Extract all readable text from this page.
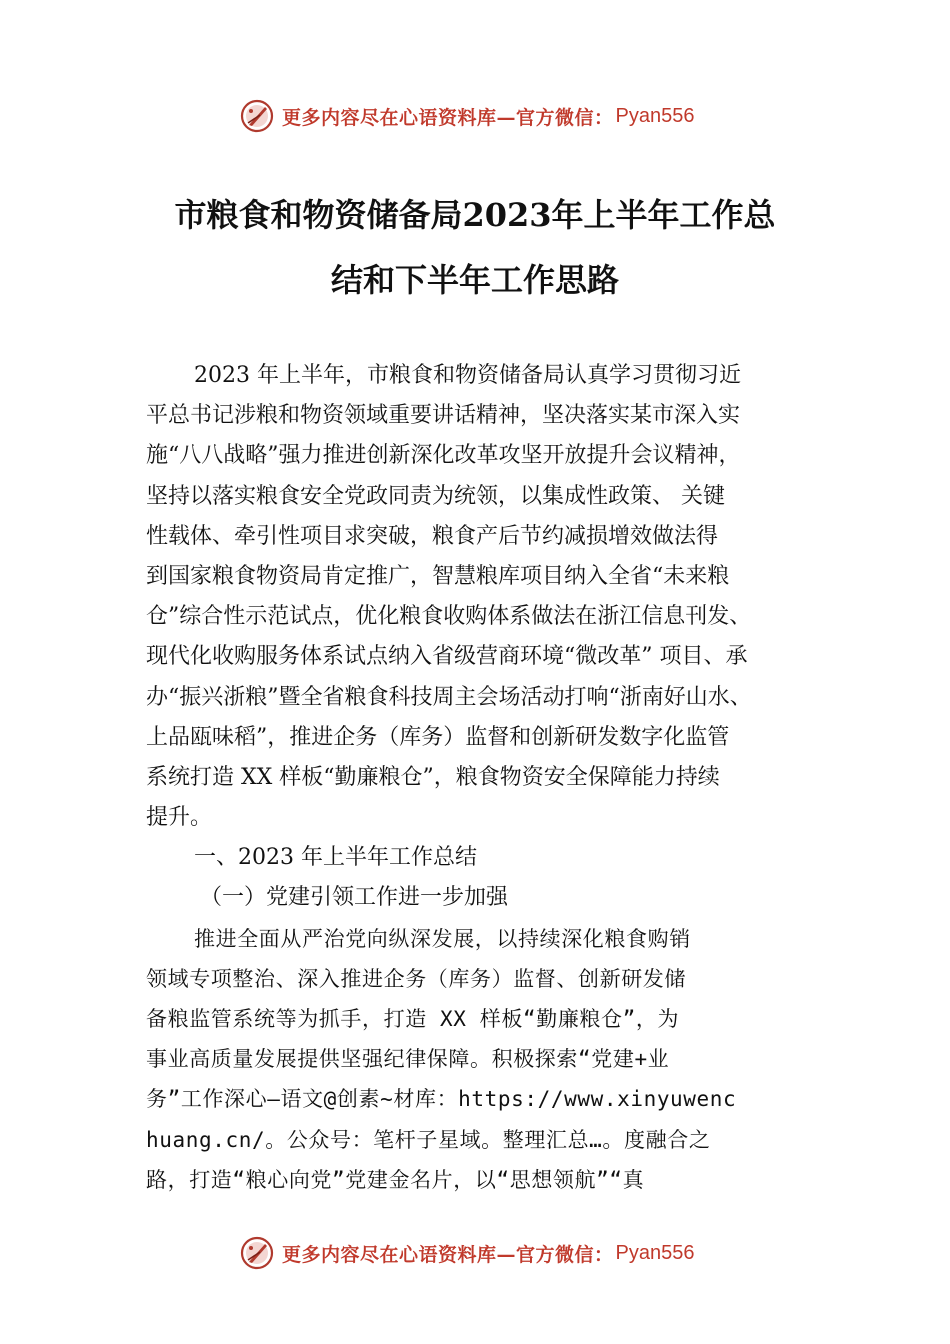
更多内容尽在心语资料库—官方微信： Pyan556
市粮食和物资储备局2023年上半年工作总
结和下半年工作思路
2023 年上半年，市粮食和物资储备局认真学习贯彻习近
平总书记涉粮和物资领域重要讲话精神，坚决落实某市深入实
施“八八战略”强力推进创新深化改革攻坚开放提升会议精神，
坚持以落实粮食安全党政同责为统领，以集成性政策、 关键
性载体、牵引性项目求突破，粮食产后节约减损增效做法得
到国家粮食物资局肯定推广，智慧粮库项目纳入全省“未来粮
仓”综合性示范试点，优化粮食收购体系做法在浙江信息刊发、
现代化收购服务体系试点纳入省级营商环境“微改革” 项目、承
办“振兴浙粮”暨全省粮食科技周主会场活动打响“浙南好山水、
上品瓯味稻”，推进企务（库务）监督和创新研发数字化监管
系统打造 XX 样板“勤廉粮仓”，粮食物资安全保障能力持续
提升。
一、2023 年上半年工作总结
（一）党建引领工作进一步加强
推进全面从严治党向纵深发展，以持续深化粮食购销
领域专项整治、深入推进企务（库务）监督、创新研发储
备粮监管系统等为抓手，打造 XX 样板“勤廉粮仓”，为
事业高质量发展提供坚强纪律保障。积极探索“党建+业
务”工作深心—语文@创素~材库：https://www.xinyuwenc
huang.cn/。公众号：笔杆子星域。整理汇总…。度融合之
路，打造“粮心向党”党建金名片，以“思想领航”“真
更多内容尽在心语资料库—官方微信： Pyan556
